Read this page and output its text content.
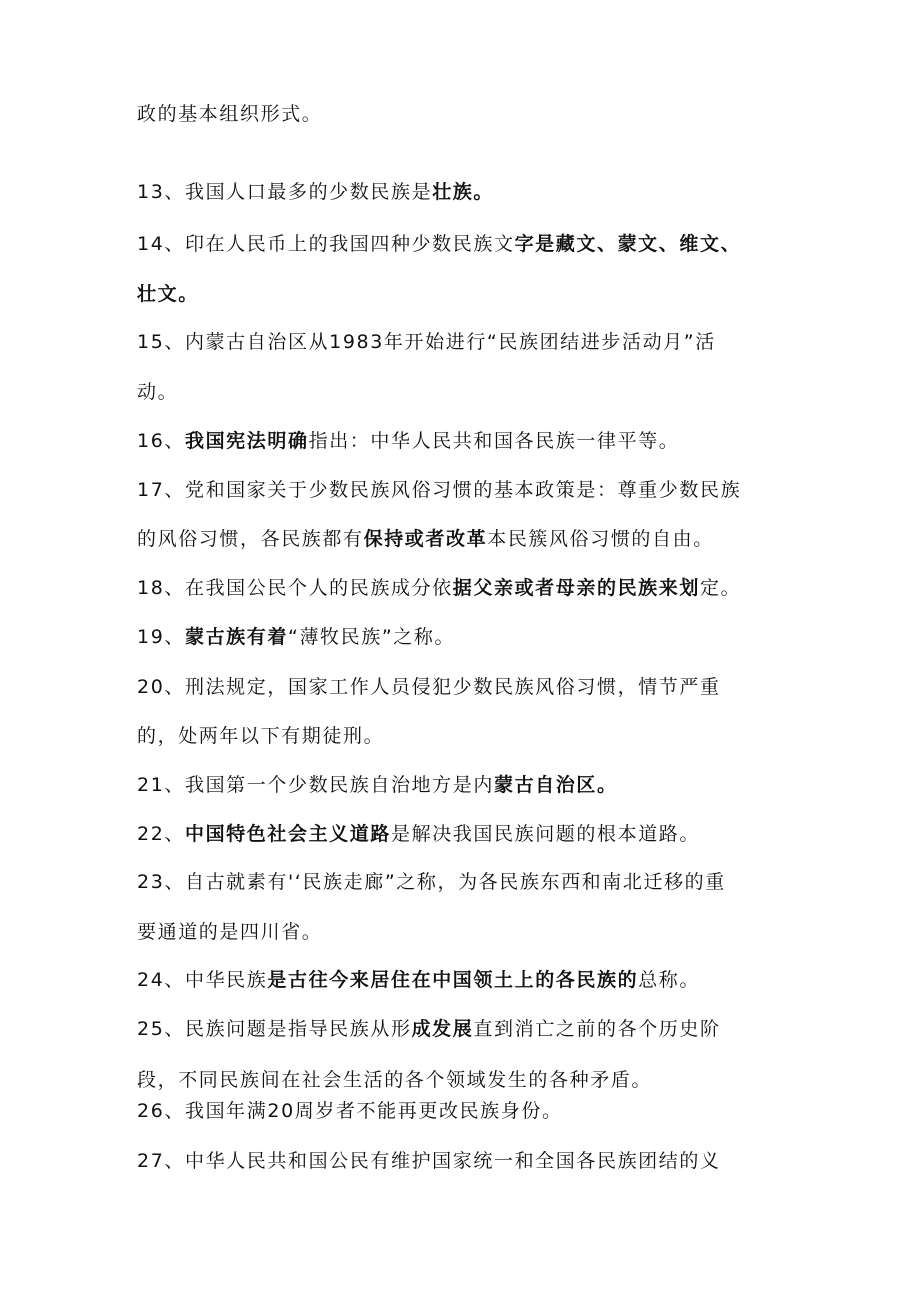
政的基本组织形式。
13、我国人口最多的少数民族是壮族。
14、印在人民币上的我国四种少数民族文字是藏文、蒙文、维文、
壮文。
15、内蒙古自治区从1983年开始进行“民族团结进步活动月”活
动。
16、我国宪法明确指出：中华人民共和国各民族一律平等。
17、党和国家关于少数民族风俗习惯的基本政策是：尊重少数民族
的风俗习惯，各民族都有保持或者改革本民簇风俗习惯的自由。
18、在我国公民个人的民族成分依据父亲或者母亲的民族来划定。
19、蒙古族有着“薄牧民族”之称。
20、刑法规定，国家工作人员侵犯少数民族风俗习惯，情节严重
的，处两年以下有期徒刑。
21、我国第一个少数民族自治地方是内蒙古自治区。
22、中国特色社会主义道路是解决我国民族问题的根本道路。
23、自古就素有'‘民族走廊”之称，为各民族东西和南北迁移的重
要通道的是四川省。
24、中华民族是古往今来居住在中国领土上的各民族的总称。
25、民族问题是指导民族从形成发展直到消亡之前的各个历史阶
段，不同民族间在社会生活的各个领域发生的各种矛盾。
26、我国年满20周岁者不能再更改民族身份。
27、中华人民共和国公民有维护国家统一和全国各民族团结的义
